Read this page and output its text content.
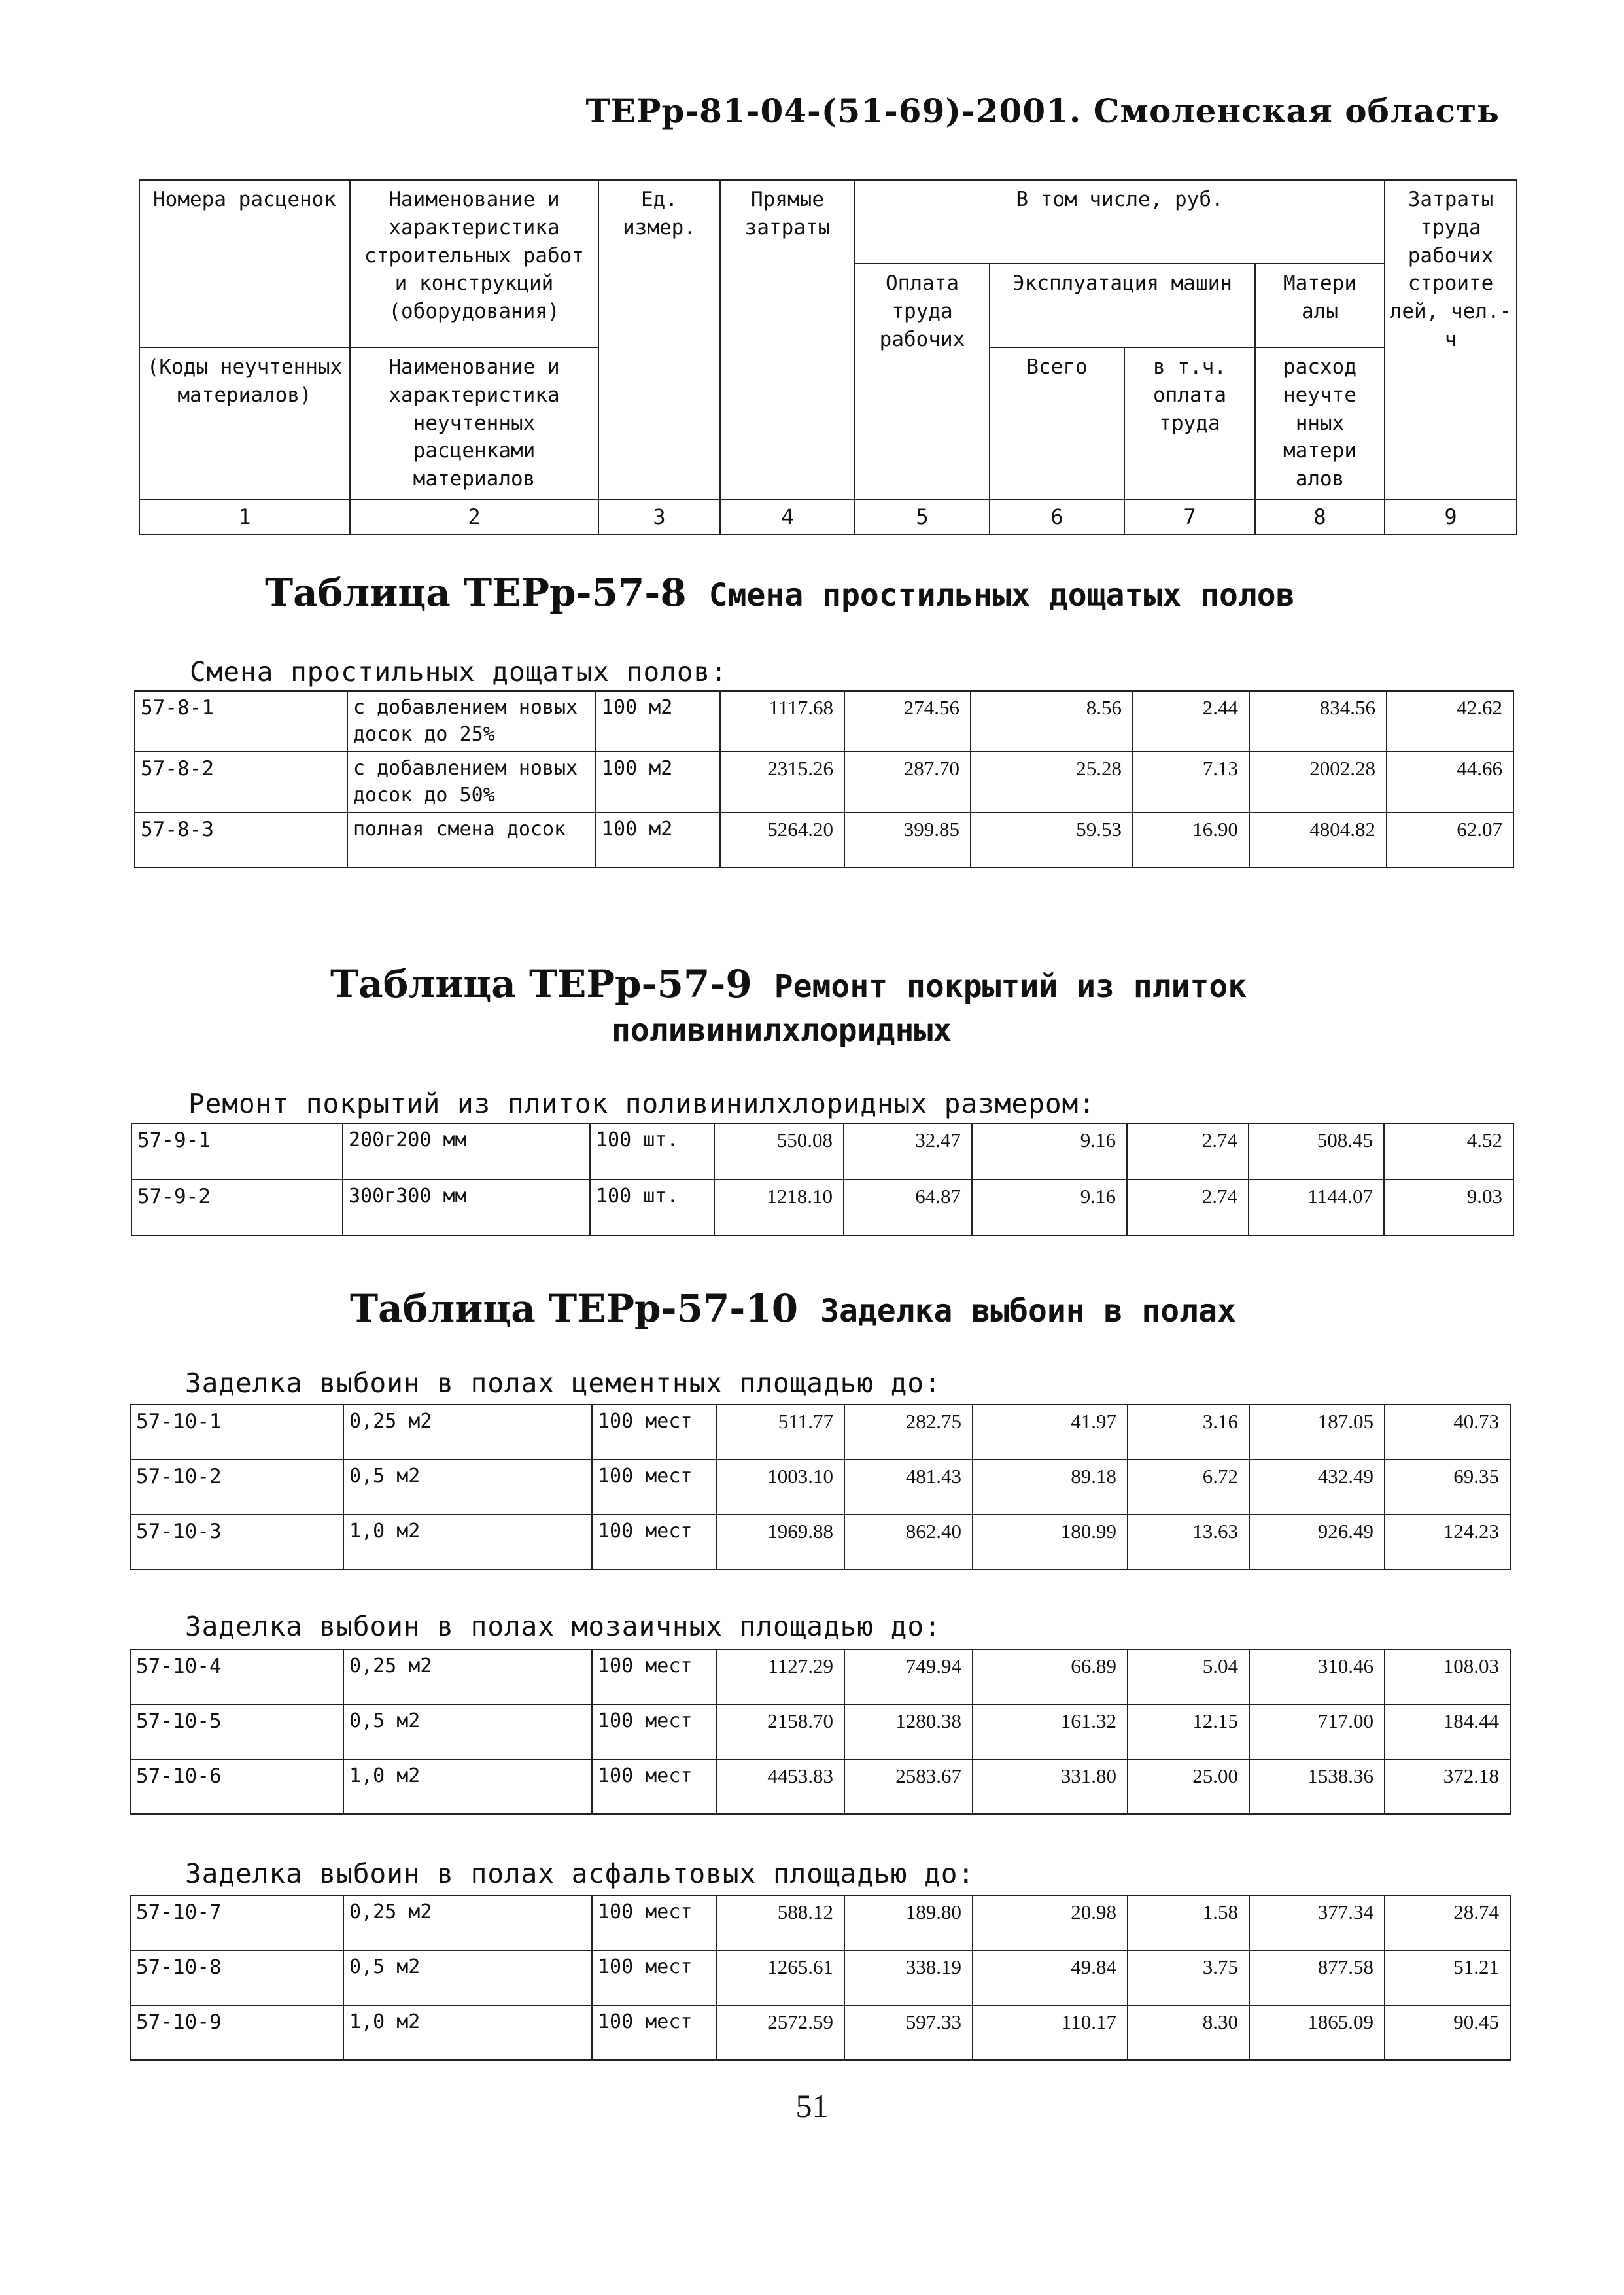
ТЕРр-81-04-(51-69)-2001. Смоленская область
Номера расценок	Наименование и характеристика строительных работ и конструкций (оборудования)	Ед. измер.	Прямые затраты	В том числе, руб.				Затраты труда рабочих строите лей, чел.-ч
				Оплата труда рабочих	Эксплуатация машин		Матери алы	
(Коды неучтенных материалов)	Наименование и характеристика неучтенных расценками материалов				Всего	в т.ч. оплата труда	расход неучте нных матери алов	
1	2	3	4	5	6	7	8	9
Таблица ТЕРр-57-8 Смена простильных дощатых полов
Смена простильных дощатых полов:
57-8-1	с добавлением новых досок до 25%	100 м2	1117.68	274.56	8.56	2.44	834.56	42.62
57-8-2	с добавлением новых досок до 50%	100 м2	2315.26	287.70	25.28	7.13	2002.28	44.66
57-8-3	полная смена досок	100 м2	5264.20	399.85	59.53	16.90	4804.82	62.07
Таблица ТЕРр-57-9 Ремонт покрытий из плиток
поливинилхлоридных
Ремонт покрытий из плиток поливинилхлоридных размером:
57-9-1	200г200 мм	100 шт.	550.08	32.47	9.16	2.74	508.45	4.52
57-9-2	300г300 мм	100 шт.	1218.10	64.87	9.16	2.74	1144.07	9.03
Таблица ТЕРр-57-10 Заделка выбоин в полах
Заделка выбоин в полах цементных площадью до:
57-10-1	0,25 м2	100 мест	511.77	282.75	41.97	3.16	187.05	40.73
57-10-2	0,5 м2	100 мест	1003.10	481.43	89.18	6.72	432.49	69.35
57-10-3	1,0 м2	100 мест	1969.88	862.40	180.99	13.63	926.49	124.23
Заделка выбоин в полах мозаичных площадью до:
57-10-4	0,25 м2	100 мест	1127.29	749.94	66.89	5.04	310.46	108.03
57-10-5	0,5 м2	100 мест	2158.70	1280.38	161.32	12.15	717.00	184.44
57-10-6	1,0 м2	100 мест	4453.83	2583.67	331.80	25.00	1538.36	372.18
Заделка выбоин в полах асфальтовых площадью до:
57-10-7	0,25 м2	100 мест	588.12	189.80	20.98	1.58	377.34	28.74
57-10-8	0,5 м2	100 мест	1265.61	338.19	49.84	3.75	877.58	51.21
57-10-9	1,0 м2	100 мест	2572.59	597.33	110.17	8.30	1865.09	90.45
51
